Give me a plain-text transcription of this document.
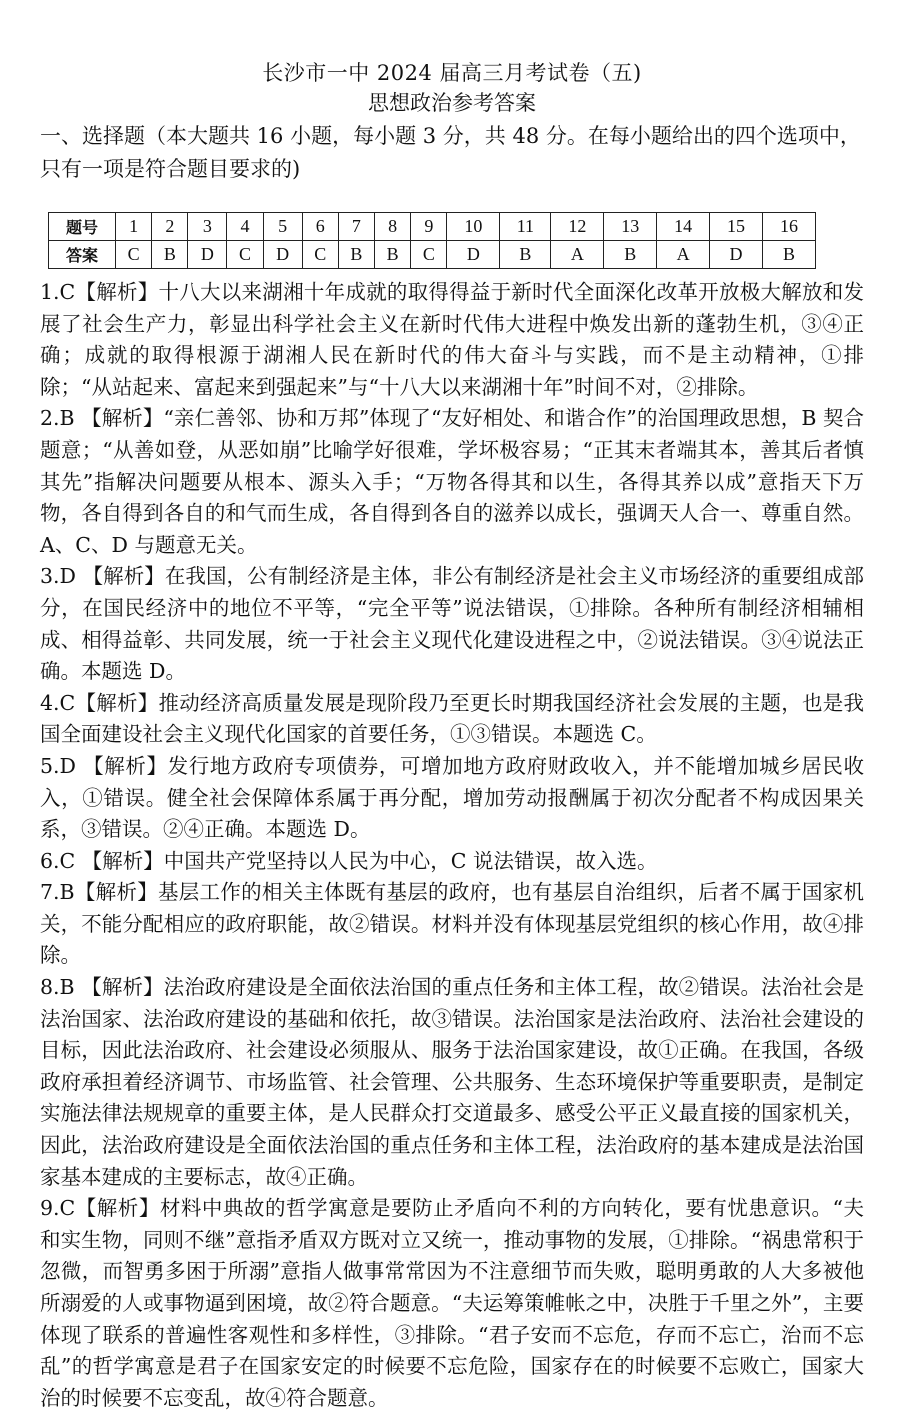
长沙市一中 2024 届高三月考试卷（五)
思想政治参考答案

一、选择题（本大题共 16 小题，每小题 3 分，共 48 分。在每小题给出的四个选项中，只有一项是符合题目要求的)

题号	1	2	3	4	5	6	7	8	9	10	11	12	13	14	15	16
答案	C	B	D	C	D	C	B	B	C	D	B	A	B	A	D	B

1.C【解析】十八大以来湖湘十年成就的取得得益于新时代全面深化改革开放极大解放和发展了社会生产力，彰显出科学社会主义在新时代伟大进程中焕发出新的蓬勃生机，③④正确；成就的取得根源于湖湘人民在新时代的伟大奋斗与实践，而不是主动精神，①排除；“从站起来、富起来到强起来”与“十八大以来湖湘十年”时间不对，②排除。

2.B 【解析】“亲仁善邻、协和万邦”体现了“友好相处、和谐合作”的治国理政思想，B 契合题意；“从善如登，从恶如崩”比喻学好很难，学坏极容易；“正其末者端其本，善其后者慎其先”指解决问题要从根本、源头入手；“万物各得其和以生，各得其养以成”意指天下万物，各自得到各自的和气而生成，各自得到各自的滋养以成长，强调天人合一、尊重自然。A、C、D 与题意无关。

3.D 【解析】在我国，公有制经济是主体，非公有制经济是社会主义市场经济的重要组成部分，在国民经济中的地位不平等，“完全平等”说法错误，①排除。各种所有制经济相辅相成、相得益彰、共同发展，统一于社会主义现代化建设进程之中，②说法错误。③④说法正确。本题选 D。

4.C【解析】推动经济高质量发展是现阶段乃至更长时期我国经济社会发展的主题，也是我国全面建设社会主义现代化国家的首要任务，①③错误。本题选 C。

5.D 【解析】发行地方政府专项债券，可增加地方政府财政收入，并不能增加城乡居民收入，①错误。健全社会保障体系属于再分配，增加劳动报酬属于初次分配者不构成因果关系，③错误。②④正确。本题选 D。

6.C 【解析】中国共产党坚持以人民为中心，C 说法错误，故入选。

7.B【解析】基层工作的相关主体既有基层的政府，也有基层自治组织，后者不属于国家机关，不能分配相应的政府职能，故②错误。材料并没有体现基层党组织的核心作用，故④排除。

8.B 【解析】法治政府建设是全面依法治国的重点任务和主体工程，故②错误。法治社会是法治国家、法治政府建设的基础和依托，故③错误。法治国家是法治政府、法治社会建设的目标，因此法治政府、社会建设必须服从、服务于法治国家建设，故①正确。在我国，各级政府承担着经济调节、市场监管、社会管理、公共服务、生态环境保护等重要职责，是制定实施法律法规规章的重要主体，是人民群众打交道最多、感受公平正义最直接的国家机关，因此，法治政府建设是全面依法治国的重点任务和主体工程，法治政府的基本建成是法治国家基本建成的主要标志，故④正确。

9.C【解析】材料中典故的哲学寓意是要防止矛盾向不利的方向转化，要有忧患意识。“夫和实生物，同则不继”意指矛盾双方既对立又统一，推动事物的发展，①排除。“祸患常积于忽微，而智勇多困于所溺”意指人做事常常因为不注意细节而失败，聪明勇敢的人大多被他所溺爱的人或事物逼到困境，故②符合题意。“夫运筹策帷帐之中，决胜于千里之外”，主要体现了联系的普遍性客观性和多样性，③排除。“君子安而不忘危，存而不忘亡，治而不忘乱”的哲学寓意是君子在国家安定的时候要不忘危险，国家存在的时候要不忘败亡，国家大治的时候要不忘变乱，故④符合题意。
